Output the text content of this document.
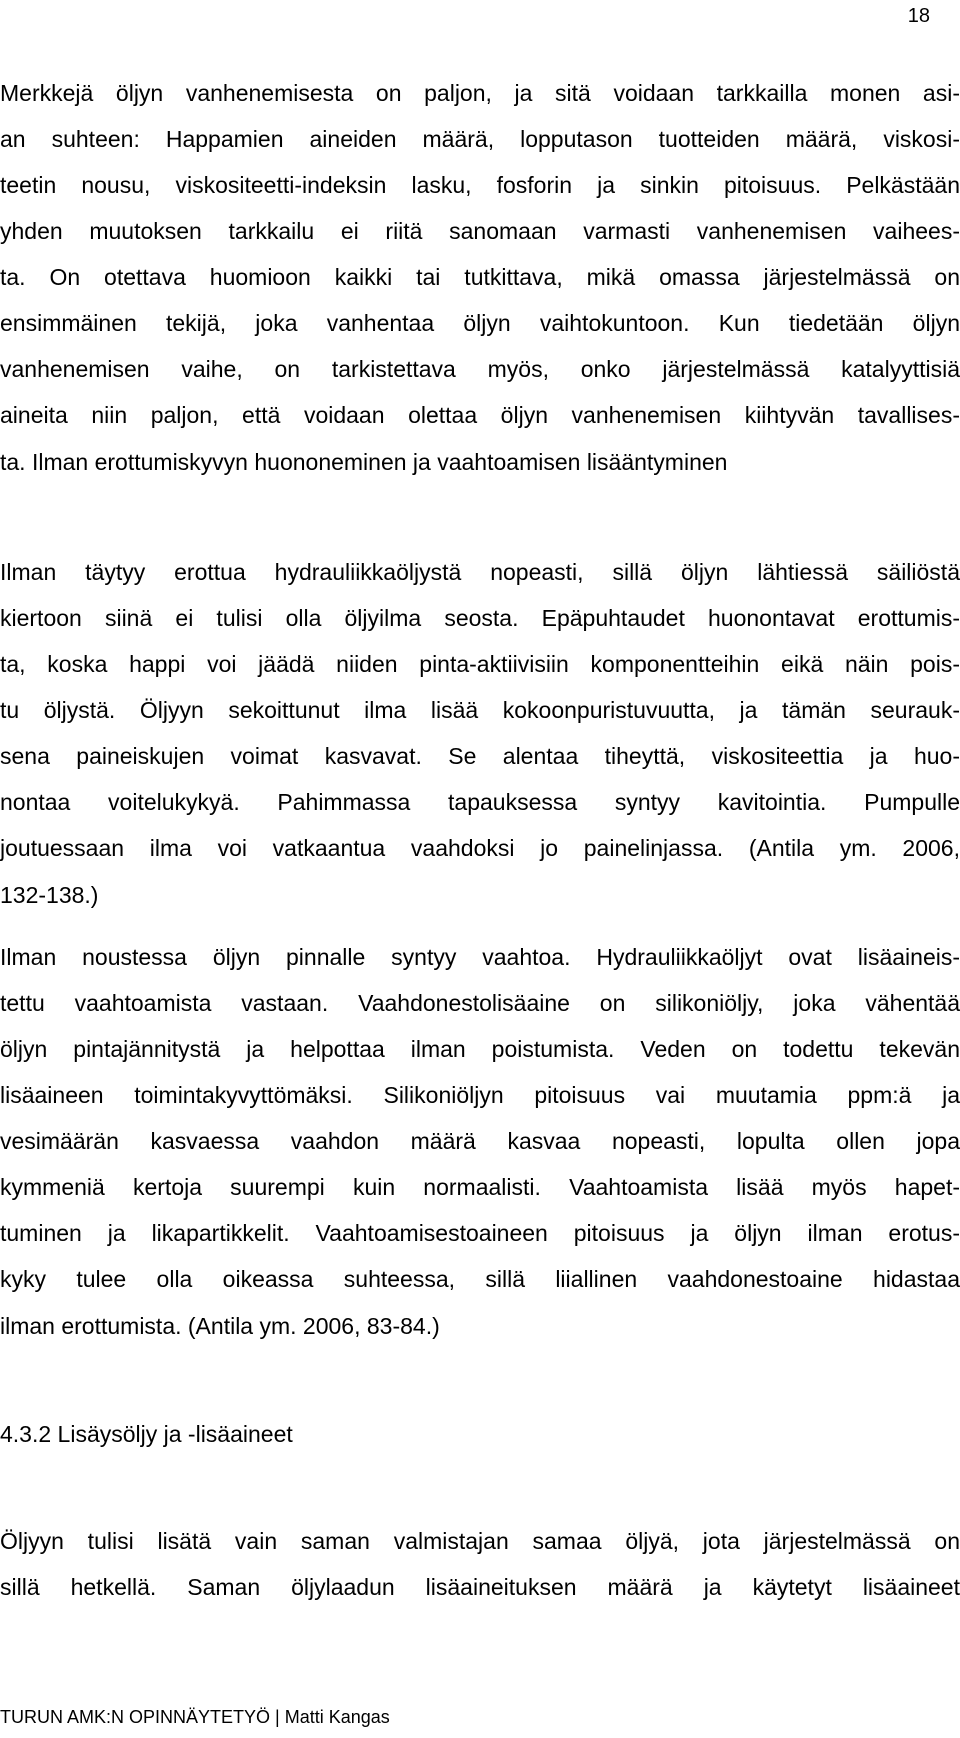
18
Merkkejä öljyn vanhenemisesta on paljon, ja sitä voidaan tarkkailla monen asi-
an suhteen: Happamien aineiden määrä, lopputason tuotteiden määrä, viskosi-
teetin nousu, viskositeetti-indeksin lasku, fosforin ja sinkin pitoisuus. Pelkästään
yhden muutoksen tarkkailu ei riitä sanomaan varmasti vanhenemisen vaihees-
ta. On otettava huomioon kaikki tai tutkittava, mikä omassa järjestelmässä on
ensimmäinen tekijä, joka vanhentaa öljyn vaihtokuntoon. Kun tiedetään öljyn
vanhenemisen vaihe, on tarkistettava myös, onko järjestelmässä katalyyttisiä
aineita niin paljon, että voidaan olettaa öljyn vanhenemisen kiihtyvän tavallises-
ta. Ilman erottumiskyvyn huononeminen ja vaahtoamisen lisääntyminen
Ilman täytyy erottua hydrauliikkaöljystä nopeasti, sillä öljyn lähtiessä säiliöstä
kiertoon siinä ei tulisi olla öljyilma seosta. Epäpuhtaudet huonontavat erottumis-
ta, koska happi voi jäädä niiden pinta-aktiivisiin komponentteihin eikä näin pois-
tu öljystä. Öljyyn sekoittunut ilma lisää kokoonpuristuvuutta, ja tämän seurauk-
sena paineiskujen voimat kasvavat. Se alentaa tiheyttä, viskositeettia ja huo-
nontaa voitelukykyä. Pahimmassa tapauksessa syntyy kavitointia. Pumpulle
joutuessaan ilma voi vatkaantua vaahdoksi jo painelinjassa. (Antila ym. 2006,
132-138.)
Ilman noustessa öljyn pinnalle syntyy vaahtoa. Hydrauliikkaöljyt ovat lisäaineis-
tettu vaahtoamista vastaan. Vaahdonestolisäaine on silikoniöljy, joka vähentää
öljyn pintajännitystä ja helpottaa ilman poistumista. Veden on todettu tekevän
lisäaineen toimintakyvyttömäksi. Silikoniöljyn pitoisuus vai muutamia ppm:ä ja
vesimäärän kasvaessa vaahdon määrä kasvaa nopeasti, lopulta ollen jopa
kymmeniä kertoja suurempi kuin normaalisti. Vaahtoamista lisää myös hapet-
tuminen ja likapartikkelit. Vaahtoamisestoaineen pitoisuus ja öljyn ilman erotus-
kyky tulee olla oikeassa suhteessa, sillä liiallinen vaahdonestoaine hidastaa
ilman erottumista. (Antila ym. 2006, 83-84.)
4.3.2 Lisäysöljy ja -lisäaineet
Öljyyn tulisi lisätä vain saman valmistajan samaa öljyä, jota järjestelmässä on
sillä hetkellä. Saman öljylaadun lisäaineituksen määrä ja käytetyt lisäaineet
TURUN AMK:N OPINNÄYTETYÖ | Matti Kangas
